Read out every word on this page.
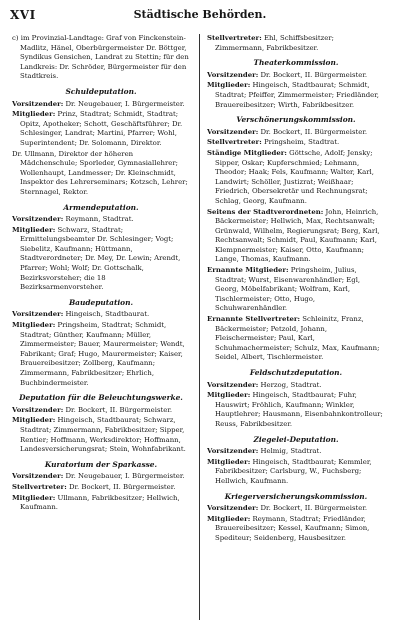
XVI	Städtische Behörden.
c) im Provinzial-Landtage: Graf von Finckenstein-Madlitz, Hänel, Oberbürgermeister Dr. Böttger, Syndikus Gensichen, Landrat zu Stettin; für den Landkreis: Dr. Schröder, Bürgermeister für den Stadtkreis.
Schuldeputation.
Vorsitzender: Dr. Neugebauer, I. Bürgermeister.
Mitglieder: Prinz, Stadtrat; Schmidt, Stadtrat; Opitz, Apotheker; Schott, Geschäftsführer; Dr. Schlesinger, Landrat; Martini, Pfarrer; Wohl, Superintendent; Dr. Solomann, Direktor.
Dr. Ullmann, Direktor der höheren Mädchenschule; Sporleder, Gymnasiallehrer; Wollenhaupt, Landmesser; Dr. Kleinschmidt, Inspektor des Lehrerseminars; Kotzsch, Lehrer; Sternnagel, Rektor.
Armendeputation.
Vorsitzender: Reymann, Stadtrat.
Mitglieder: Schwarz, Stadtrat; Ermittelungsbeamter Dr. Schlesinger; Vogt; Siebelitz, Kaufmann; Hüttmann, Stadtverordneter; Dr. Mey, Dr. Lewin; Arendt, Pfarrer; Wohl; Wolf; Dr. Gottschalk, Bezirksvorsteher; die 18 Bezirksarmenvorsteher.
Baudeputation.
Vorsitzender: Hingeisch, Stadtbaurat.
Mitglieder: Pringsheim, Stadtrat; Schmidt, Stadtrat; Günther, Kaufmann; Müller, Zimmermeister; Bauer, Maurermeister; Wendt, Fabrikant; Graf; Hugo, Maurermeister; Kaiser, Brauereibesitzer; Zollberg, Kaufmann; Zimmermann, Fabrikbesitzer; Ehrlich, Buchbindermeister.
Deputation für die Beleuchtungswerke.
Vorsitzender: Dr. Bockert, II. Bürgermeister.
Mitglieder: Hingeisch, Stadtbaurat; Schwarz, Stadtrat; Zimmermann, Fabrikbesitzer; Sipper, Rentier; Hoffmann, Werksdirektor; Hoffmann, Landesversicherungsrat; Stein, Wohnfabrikant.
Kuratorium der Sparkasse.
Vorsitzender: Dr. Neugebauer, I. Bürgermeister.
Stellvertreter: Dr. Bockert, II. Bürgermeister.
Mitglieder: Ullmann, Fabrikbesitzer; Hellwich, Kaufmann.
Stellvertreter: Ehl, Schiffsbesitzer; Zimmermann, Fabrikbesitzer.
Theaterkommission.
Vorsitzender: Dr. Bockert, II. Bürgermeister.
Mitglieder: Hingeisch, Stadtbaurat; Schmidt, Stadtrat; Pfeiffer, Zimmermeister; Friedländer, Brauereibesitzer; Wirth, Fabrikbesitzer.
Verschönerungskommission.
Vorsitzender: Dr. Bockert, II. Bürgermeister.
Stellvertreter: Pringsheim, Stadtrat.
Ständige Mitglieder: Göttsche, Adolf; Jensky; Sipper, Oskar; Kupferschmied; Lehmann, Theodor; Haak; Fels, Kaufmann; Walter, Karl, Landwirt; Schöller, Justizrat; Weißhaar; Friedrich, Obersekretär und Rechnungsrat; Schlag, Georg, Kaufmann.
Seitens der Stadtverordneten: John, Heinrich, Bäckermeister; Hellwich, Max, Rechtsanwalt; Grünwald, Wilhelm, Regierungsrat; Berg, Karl, Rechtsanwalt; Schmidt, Paul, Kaufmann; Karl, Klempnermeister; Kaiser, Otto, Kaufmann; Lange, Thomas, Kaufmann.
Ernannte Mitglieder: Pringsheim, Julius, Stadtrat; Wurst, Eisenwarenhändler; Egl, Georg, Möbelfabrikant; Wolfram, Karl, Tischlermeister; Otto, Hugo, Schuhwarenhändler.
Ernannte Stellvertreter: Schleinitz, Franz, Bäckermeister; Petzold, Johann, Fleischermeister; Paul, Karl, Schuhmachermeister; Schulz, Max, Kaufmann; Seidel, Albert, Tischlermeister.
Feldschutzdeputation.
Vorsitzender: Herzog, Stadtrat.
Mitglieder: Hingeisch, Stadtbaurat; Fuhr, Hauswirt; Fröhlich, Kaufmann; Winkler, Hauptlehrer; Hausmann, Eisenbahnkontrolleur; Reuss, Fabrikbesitzer.
Ziegelei-Deputation.
Vorsitzender: Helmig, Stadtrat.
Mitglieder: Hingeisch, Stadtbaurat; Kemmler, Fabrikbesitzer; Carlsburg, W., Fuchsberg; Hellwich, Kaufmann.
Kriegerversicherungskommission.
Vorsitzender: Dr. Bockert, II. Bürgermeister.
Mitglieder: Reymann, Stadtrat; Friedländer, Brauereibesitzer; Kessel, Kaufmann; Simon, Spediteur; Seidenberg, Hausbesitzer.
